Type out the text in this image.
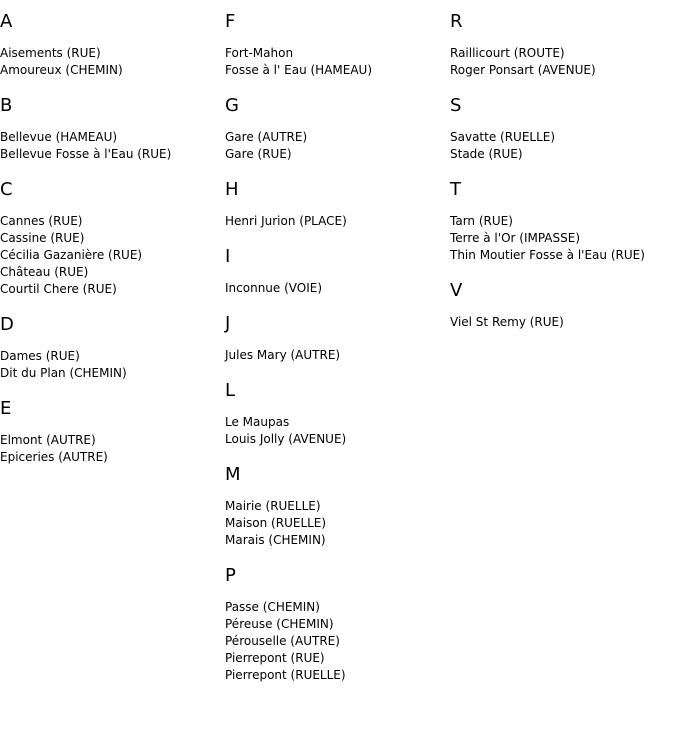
A
Aisements (RUE)
Amoureux (CHEMIN)
B
Bellevue (HAMEAU)
Bellevue Fosse à l'Eau (RUE)
C
Cannes (RUE)
Cassine (RUE)
Cécilia Gazanière (RUE)
Château (RUE)
Courtil Chere (RUE)
D
Dames (RUE)
Dit du Plan (CHEMIN)
E
Elmont (AUTRE)
Epiceries (AUTRE)
F
Fort-Mahon
Fosse à l' Eau (HAMEAU)
G
Gare (AUTRE)
Gare (RUE)
H
Henri Jurion (PLACE)
I
Inconnue (VOIE)
J
Jules Mary (AUTRE)
L
Le Maupas
Louis Jolly (AVENUE)
M
Mairie (RUELLE)
Maison (RUELLE)
Marais (CHEMIN)
P
Passe (CHEMIN)
Péreuse (CHEMIN)
Pérouselle (AUTRE)
Pierrepont (RUE)
Pierrepont (RUELLE)
R
Raillicourt (ROUTE)
Roger Ponsart (AVENUE)
S
Savatte (RUELLE)
Stade (RUE)
T
Tarn (RUE)
Terre à l'Or (IMPASSE)
Thin Moutier Fosse à l'Eau (RUE)
V
Viel St Remy (RUE)
